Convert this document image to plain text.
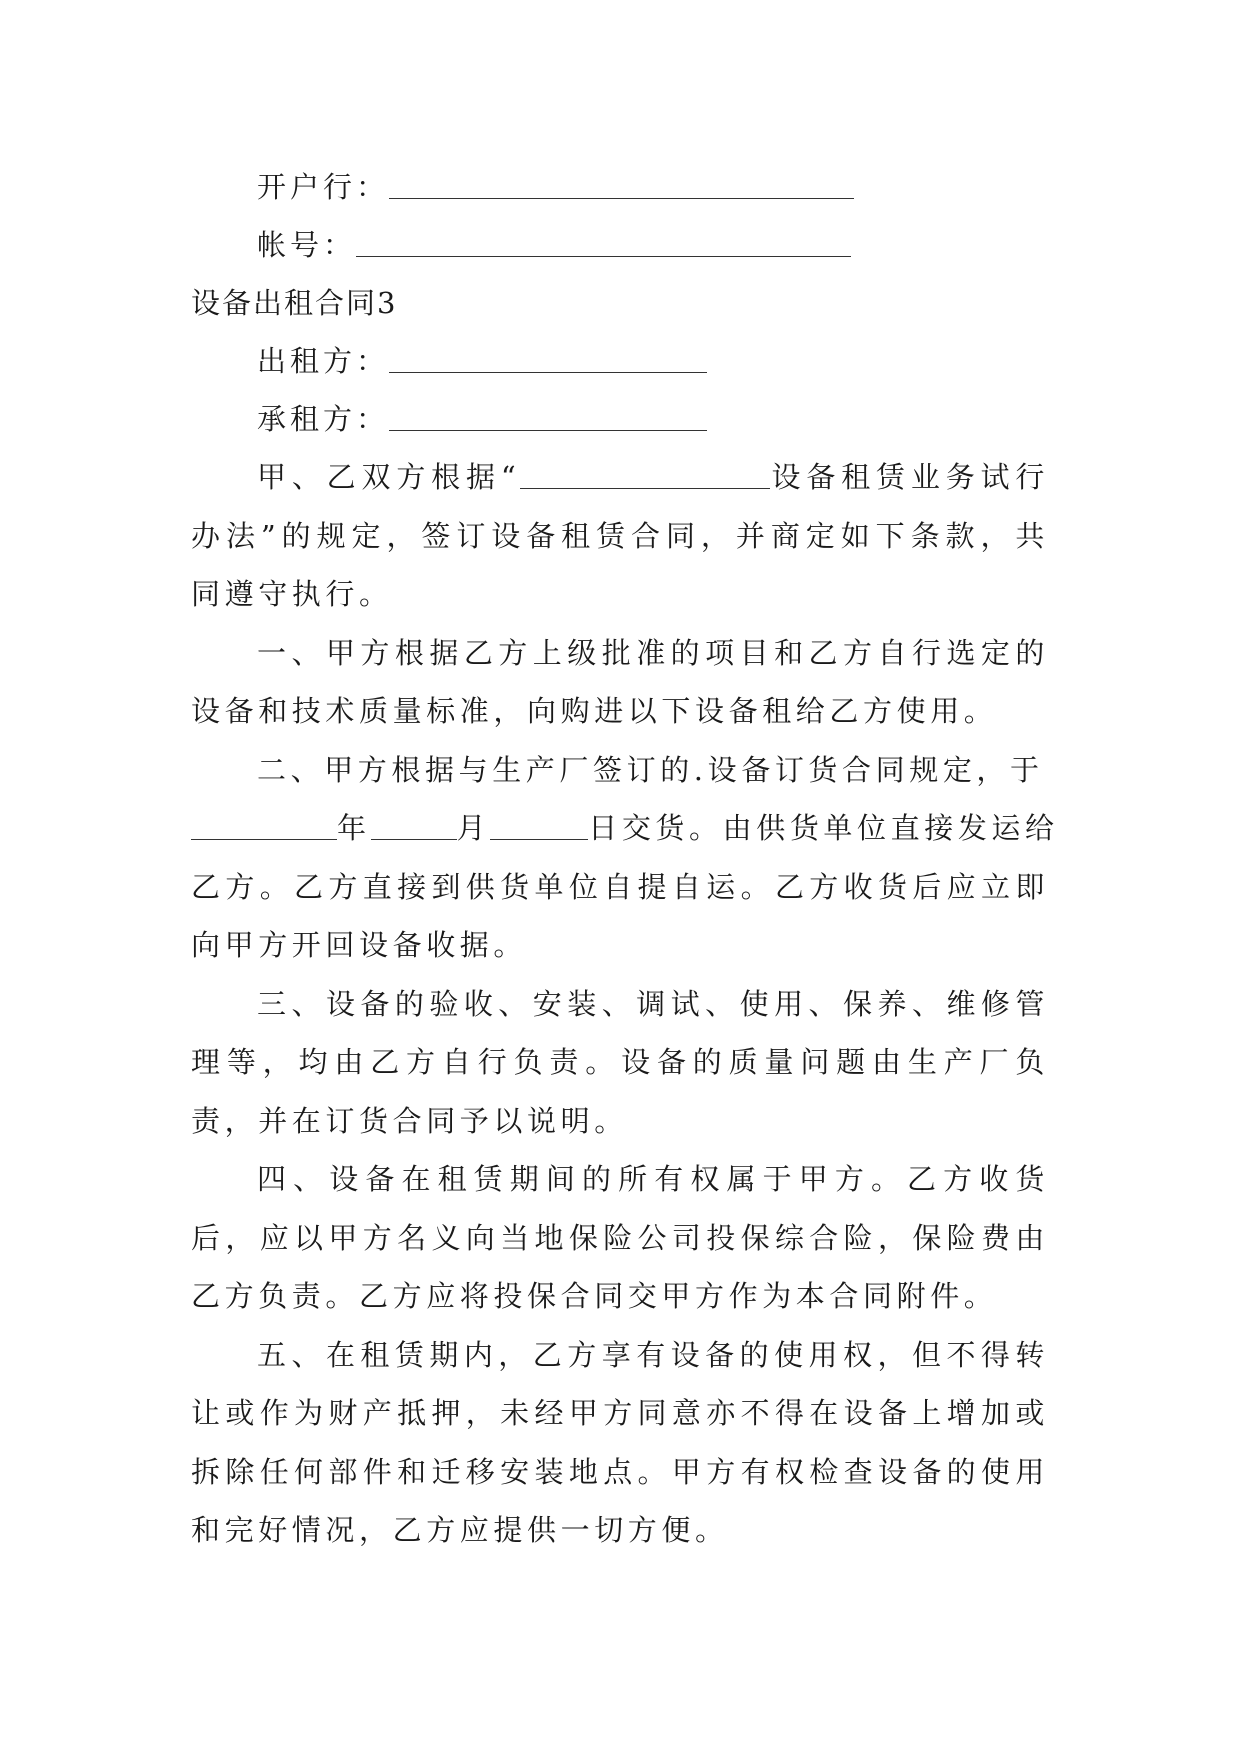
开户行：
帐号：
设备出租合同3
出租方：
承租方：

甲、乙双方根据“	设备租赁业务试行办法”的规定，签订设备租赁合同，并商定如下条款，共同遵守执行。

一、甲方根据乙方上级批准的项目和乙方自行选定的设备和技术质量标准，向购进以下设备租给乙方使用。

二、甲方根据与生产厂签订的.设备订货合同规定，于

年	月	日交货。由供货单位直接发运给

乙方。乙方直接到供货单位自提自运。乙方收货后应立即向甲方开回设备收据。

三、设备的验收、安装、调试、使用、保养、维修管理等，均由乙方自行负责。设备的质量问题由生产厂负责，并在订货合同予以说明。

四、设备在租赁期间的所有权属于甲方。乙方收货后，应以甲方名义向当地保险公司投保综合险，保险费由乙方负责。乙方应将投保合同交甲方作为本合同附件。

五、在租赁期内，乙方享有设备的使用权，但不得转让或作为财产抵押，未经甲方同意亦不得在设备上增加或拆除任何部件和迁移安装地点。甲方有权检查设备的使用和完好情况，乙方应提供一切方便。
